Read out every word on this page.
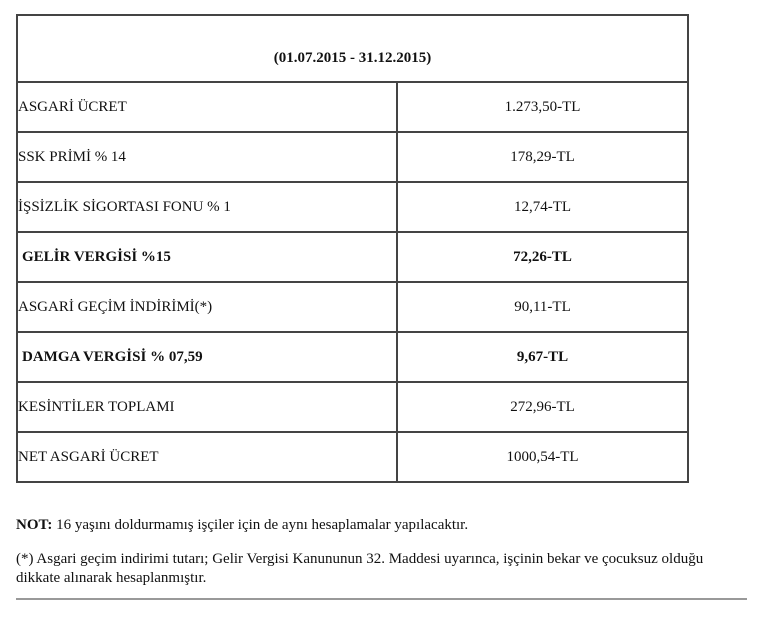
(01.07.2015 - 31.12.2015)	
ASGARİ ÜCRET	1.273,50-TL
SSK PRİMİ % 14	178,29-TL
İŞSİZLİK SİGORTASI FONU % 1	12,74-TL
GELİR VERGİSİ %15	72,26-TL
ASGARİ GEÇİM İNDİRİMİ(*)	90,11-TL
DAMGA VERGİSİ % 07,59	9,67-TL
KESİNTİLER TOPLAMI	272,96-TL
NET ASGARİ ÜCRET	1000,54-TL

NOT: 16 yaşını doldurmamış işçiler için de aynı hesaplamalar yapılacaktır.

(*) Asgari geçim indirimi tutarı; Gelir Vergisi Kanununun 32. Maddesi uyarınca, işçinin bekar ve çocuksuz olduğu dikkate alınarak hesaplanmıştır.
